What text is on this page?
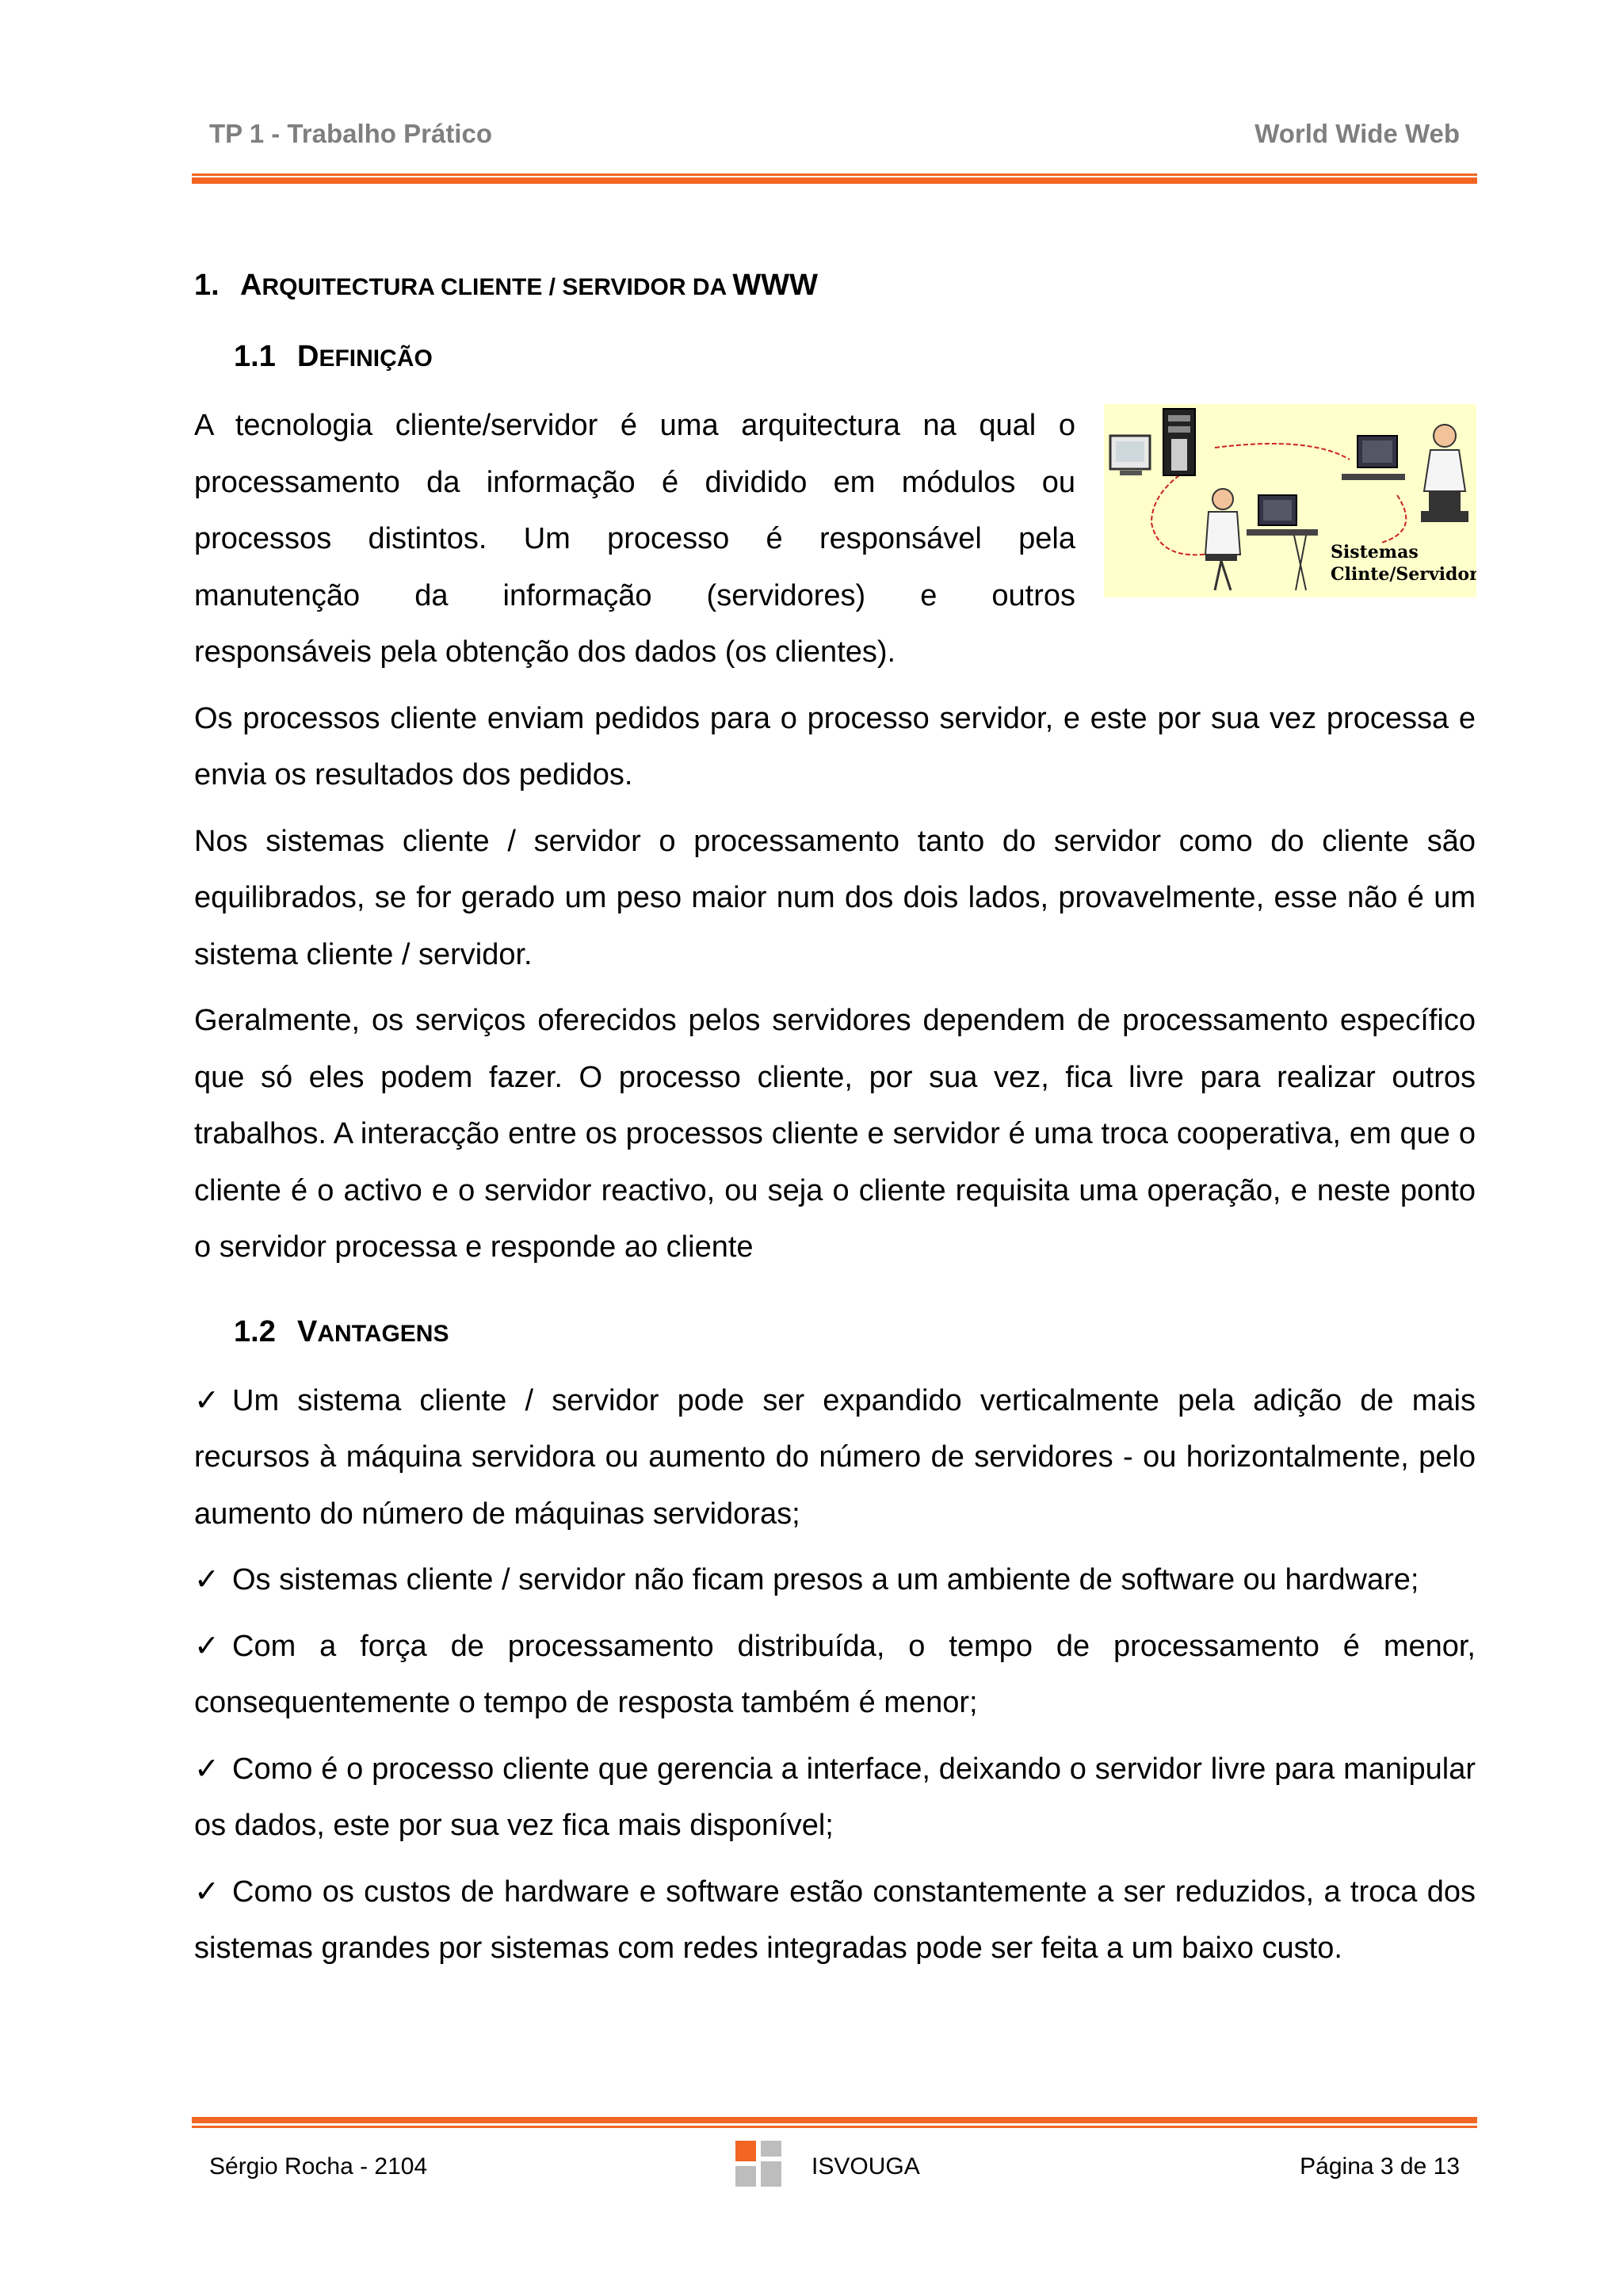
TP 1 - Trabalho Prático	World Wide Web
1. ARQUITECTURA CLIENTE / SERVIDOR DA WWW
1.1 DEFINIÇÃO
A tecnologia cliente/servidor é uma arquitectura na qual o
processamento da informação é dividido em módulos ou
processos distintos. Um processo é responsável pela
manutenção da informação (servidores) e outros
responsáveis pela obtenção dos dados (os clientes).
Sistemas
Clinte/Servidor

Os processos cliente enviam pedidos para o processo servidor, e este por sua vez processa e envia os resultados dos pedidos.

Nos sistemas cliente / servidor o processamento tanto do servidor como do cliente são equilibrados, se for gerado um peso maior num dos dois lados, provavelmente, esse não é um sistema cliente / servidor.

Geralmente, os serviços oferecidos pelos servidores dependem de processamento específico que só eles podem fazer. O processo cliente, por sua vez, fica livre para realizar outros trabalhos. A interacção entre os processos cliente e servidor é uma troca cooperativa, em que o cliente é o activo e o servidor reactivo, ou seja o cliente requisita uma operação, e neste ponto o servidor processa e responde ao cliente

1.2 VANTAGENS

✓ Um sistema cliente / servidor pode ser expandido verticalmente pela adição de mais recursos à máquina servidora ou aumento do número de servidores - ou horizontalmente, pelo aumento do número de máquinas servidoras;

✓ Os sistemas cliente / servidor não ficam presos a um ambiente de software ou hardware;

✓ Com a força de processamento distribuída, o tempo de processamento é menor, consequentemente o tempo de resposta também é menor;

✓ Como é o processo cliente que gerencia a interface, deixando o servidor livre para manipular os dados, este por sua vez fica mais disponível;

✓ Como os custos de hardware e software estão constantemente a ser reduzidos, a troca dos sistemas grandes por sistemas com redes integradas pode ser feita a um baixo custo.

Sérgio Rocha - 2104	ISVOUGA	Página 3 de 13
